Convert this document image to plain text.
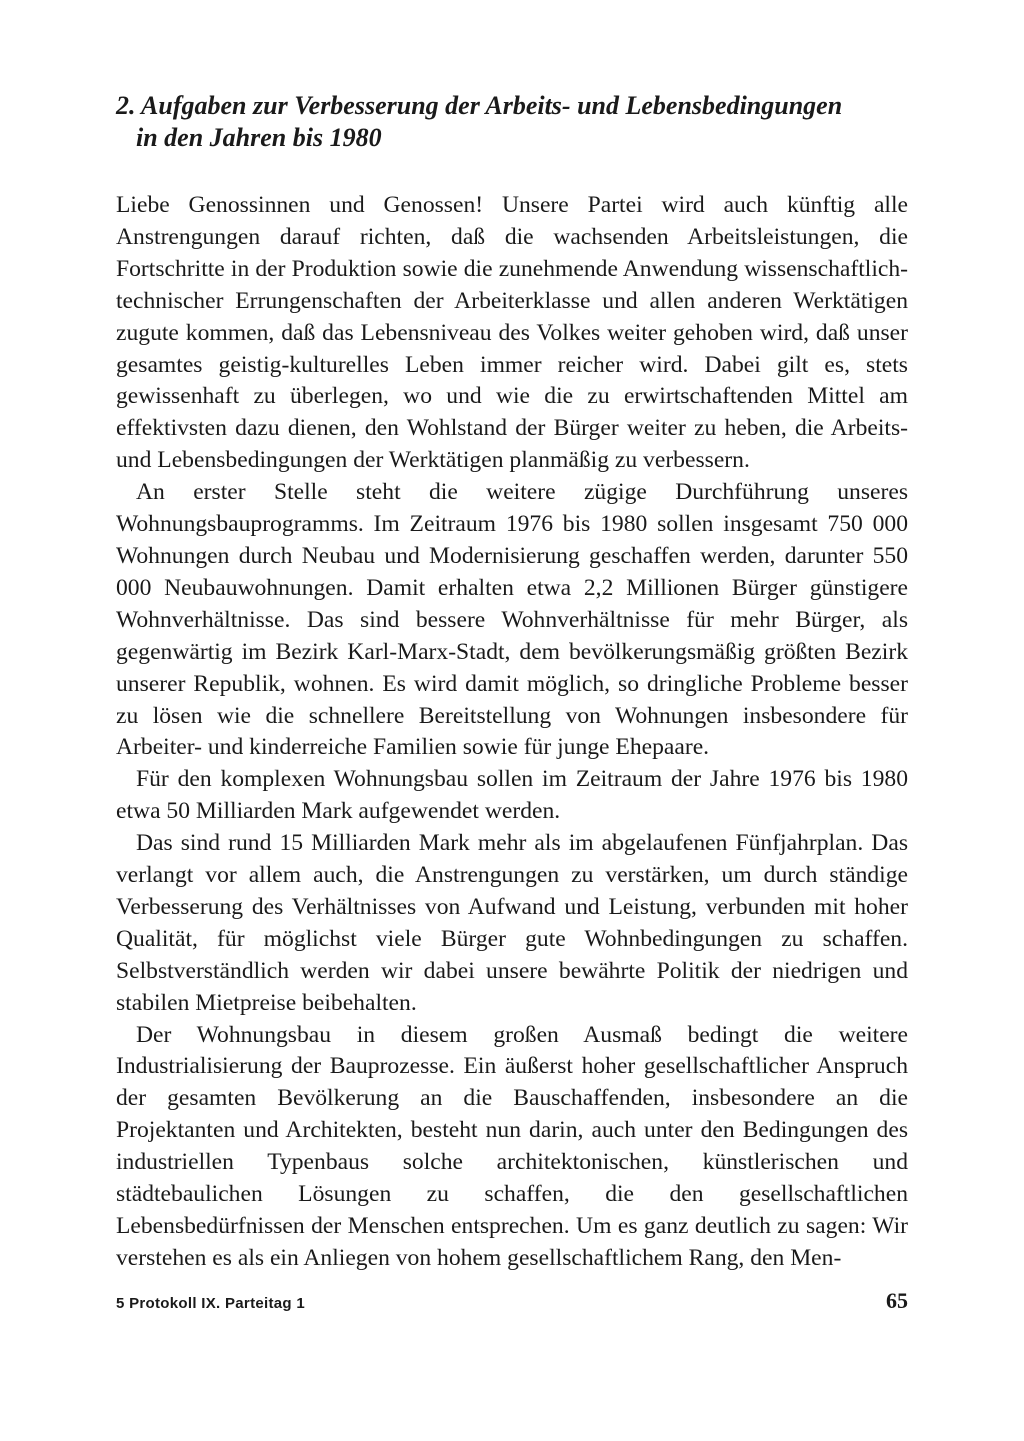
2. Aufgaben zur Verbesserung der Arbeits- und Lebensbedingungen
in den Jahren bis 1980

Liebe Genossinnen und Genossen! Unsere Partei wird auch künftig alle Anstrengungen darauf richten, daß die wachsenden Arbeitsleistungen, die Fortschritte in der Produktion sowie die zunehmende Anwendung wissenschaftlich-technischer Errungenschaften der Arbeiterklasse und allen anderen Werktätigen zugute kommen, daß das Lebensniveau des Volkes weiter gehoben wird, daß unser gesamtes geistig-kulturelles Leben immer reicher wird. Dabei gilt es, stets gewissenhaft zu überlegen, wo und wie die zu erwirtschaftenden Mittel am effektivsten dazu dienen, den Wohlstand der Bürger weiter zu heben, die Arbeits- und Lebensbedingungen der Werktätigen planmäßig zu verbessern.

An erster Stelle steht die weitere zügige Durchführung unseres Wohnungsbauprogramms. Im Zeitraum 1976 bis 1980 sollen insgesamt 750 000 Wohnungen durch Neubau und Modernisierung geschaffen werden, darunter 550 000 Neubauwohnungen. Damit erhalten etwa 2,2 Millionen Bürger günstigere Wohnverhältnisse. Das sind bessere Wohnverhältnisse für mehr Bürger, als gegenwärtig im Bezirk Karl-Marx-Stadt, dem bevölkerungsmäßig größten Bezirk unserer Republik, wohnen. Es wird damit möglich, so dringliche Probleme besser zu lösen wie die schnellere Bereitstellung von Wohnungen insbesondere für Arbeiter- und kinderreiche Familien sowie für junge Ehepaare.

Für den komplexen Wohnungsbau sollen im Zeitraum der Jahre 1976 bis 1980 etwa 50 Milliarden Mark aufgewendet werden.

Das sind rund 15 Milliarden Mark mehr als im abgelaufenen Fünfjahrplan. Das verlangt vor allem auch, die Anstrengungen zu verstärken, um durch ständige Verbesserung des Verhältnisses von Aufwand und Leistung, verbunden mit hoher Qualität, für möglichst viele Bürger gute Wohnbedingungen zu schaffen. Selbstverständlich werden wir dabei unsere bewährte Politik der niedrigen und stabilen Mietpreise beibehalten.

Der Wohnungsbau in diesem großen Ausmaß bedingt die weitere Industrialisierung der Bauprozesse. Ein äußerst hoher gesellschaftlicher Anspruch der gesamten Bevölkerung an die Bauschaffenden, insbesondere an die Projektanten und Architekten, besteht nun darin, auch unter den Bedingungen des industriellen Typenbaus solche architektonischen, künstlerischen und städtebaulichen Lösungen zu schaffen, die den gesellschaftlichen Lebensbedürfnissen der Menschen entsprechen. Um es ganz deutlich zu sagen: Wir verstehen es als ein Anliegen von hohem gesellschaftlichem Rang, den Men-

5 Protokoll IX. Parteitag 1	65
